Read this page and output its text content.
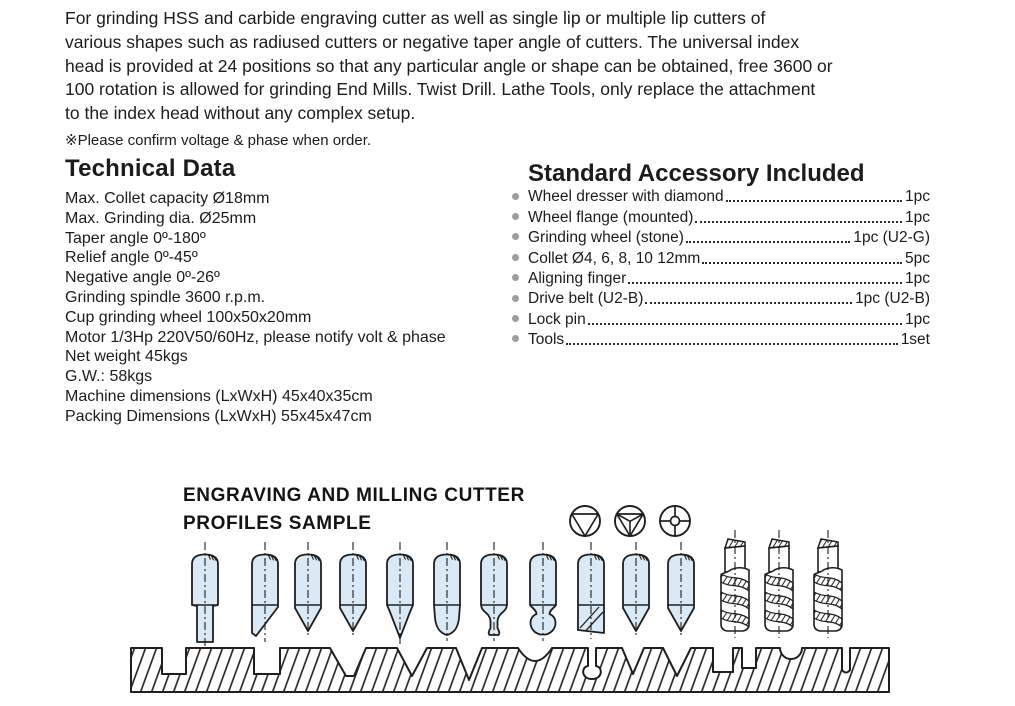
For grinding HSS and carbide engraving cutter as well as single lip or multiple lip cutters of
various shapes such as radiused cutters or negative taper angle of cutters. The universal index
head is provided at 24 positions so that any particular angle or shape can be obtained, free 3600 or
100 rotation is allowed for grinding End Mills. Twist Drill. Lathe Tools, only replace the attachment
to the index head without any complex setup.
※Please confirm voltage & phase when order.
Technical Data
Max. Collet capacity Ø18mm
Max. Grinding dia. Ø25mm
Taper angle 0º-180º
Relief angle 0º-45º
Negative angle 0º-26º
Grinding spindle 3600 r.p.m.
Cup grinding wheel 100x50x20mm
Motor 1/3Hp 220V50/60Hz, please notify volt & phase
Net weight 45kgs
G.W.: 58kgs
Machine dimensions (LxWxH) 45x40x35cm
Packing Dimensions (LxWxH) 55x45x47cm
Standard Accessory Included
Wheel dresser with diamond	1pc
Wheel flange (mounted)	1pc
Grinding wheel (stone)	1pc (U2-G)
Collet Ø4, 6, 8, 10 12mm	5pc
Aligning finger	1pc
Drive belt (U2-B)	1pc (U2-B)
Lock pin	1pc
Tools	1set
ENGRAVING AND MILLING CUTTER
PROFILES SAMPLE
